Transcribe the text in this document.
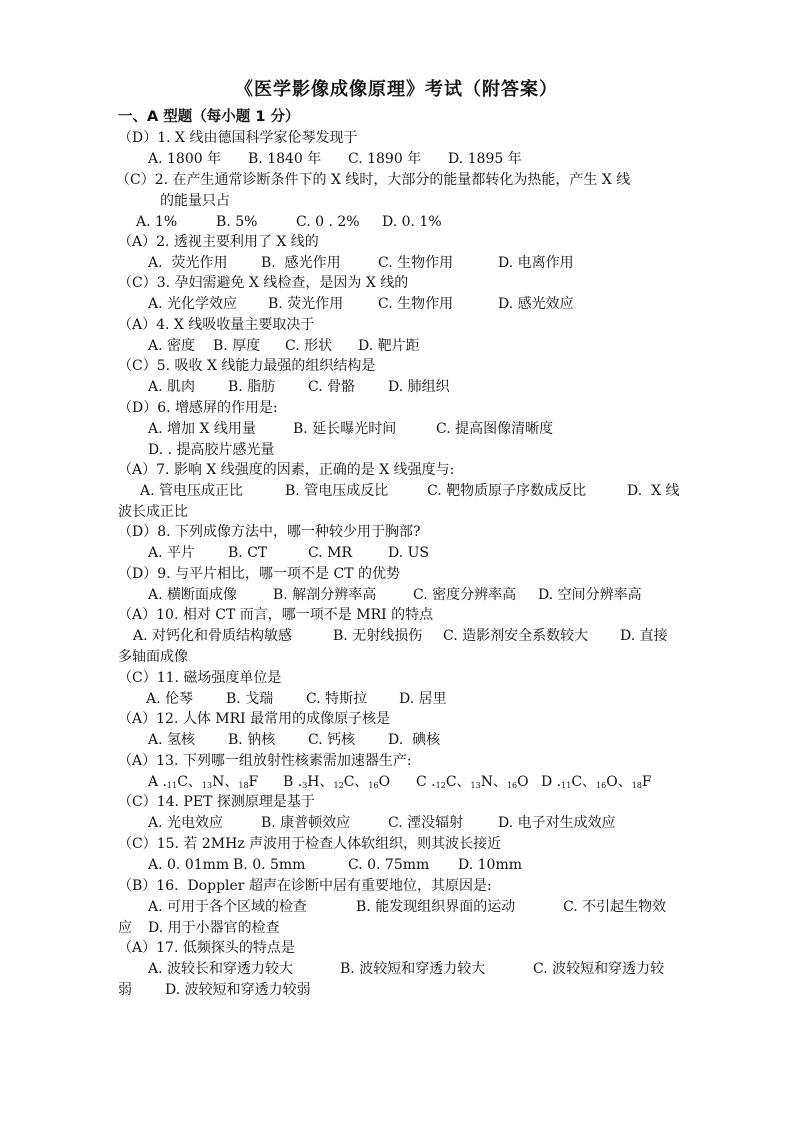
《医学影像成像原理》考试（附答案）
一、A 型题（每小题 1 分）
（D）1. X 线由德国科学家伦琴发现于

A. 1800 年

B. 1840 年

C. 1890 年

D. 1895 年

（C）2. 在产生通常诊断条件下的 X 线时，大部分的能量都转化为热能，产生 X 线
的能量只占

A. 1%

	B. 5%

	C. 0 . 2%

D. 0. 1%

（A）2. 透视主要利用了 X 线的

A.  荧光作用

B.  感光作用

	C. 生物作用

	D. 电离作用

（C）3. 孕妇需避免 X 线检查，是因为 X 线的

A. 光化学效应

B. 荧光作用

C. 生物作用

	D. 感光效应

（A）4. X 线吸收量主要取决于

A. 密度

B. 厚度

C. 形状

D. 靶片距

（C）5. 吸收 X 线能力最强的组织结构是

A. 肌肉

B. 脂肪

C. 骨骼

D. 肺组织

（D）6. 增感屏的作用是:

A. 增加 X 线用量

	B. 延长曝光时间

	C. 提高图像清晰度

D. . 提高胶片感光量
（A）7. 影响 X 线强度的因素，正确的是 X 线强度与:

A. 管电压成正比

	B. 管电压成反比

	C. 靶物质原子序数成反比

	D.  X 线

波长成正比
（D）8. 下列成像方法中，哪一种较少用于胸部?

A. 平片

B. CT

	C. MR

	D. US

（D）9. 与平片相比，哪一项不是 CT 的优势

A. 横断面成像

	B. 解剖分辨率高

	C. 密度分辨率高

D. 空间分辨率高

（A）10. 相对 CT 而言，哪一项不是 MRI 的特点

A. 对钙化和骨质结构敏感

	B. 无射线损伤

C. 造影剂安全系数较大

D. 直接

多轴面成像
（C）11. 磁场强度单位是

A. 伦琴

B. 戈瑞

C. 特斯拉

D. 居里

（A）12. 人体 MRI 最常用的成像原子核是

A. 氢核

B. 钠核

C. 钙核

D.  碘核

（A）13. 下列哪一组放射性核素需加速器生产:

A $._{11}C$、$_{13}$N、$_{18}$F

B $._3H$、$_{12}$C、$_{16}$O

C $._{12}C$、$_{13}$N、$_{16}$O

D $._{11}C$、$_{16}$O、$_{18}$F

（C）14. PET 探测原理是基于

A. 光电效应

	B. 康普顿效应

	C. 湮没辐射

D. 电子对生成效应

（C）15. 若 2MHz 声波用于检查人体软组织，则其波长接近

A. 0. 01mm

B. 0. 5mm

	C. 0. 75mm

D. 10mm

（B）16.  Doppler 超声在诊断中居有重要地位，其原因是:

A. 可用于各个区域的检查

	B. 能发现组织界面的运动

	C. 不引起生物效

应 D. 用于小器官的检查
（A）17. 低频探头的特点是

A. 波较长和穿透力较大

	B. 波较短和穿透力较大

	C. 波较短和穿透力较

弱 D. 波较短和穿透力较弱
